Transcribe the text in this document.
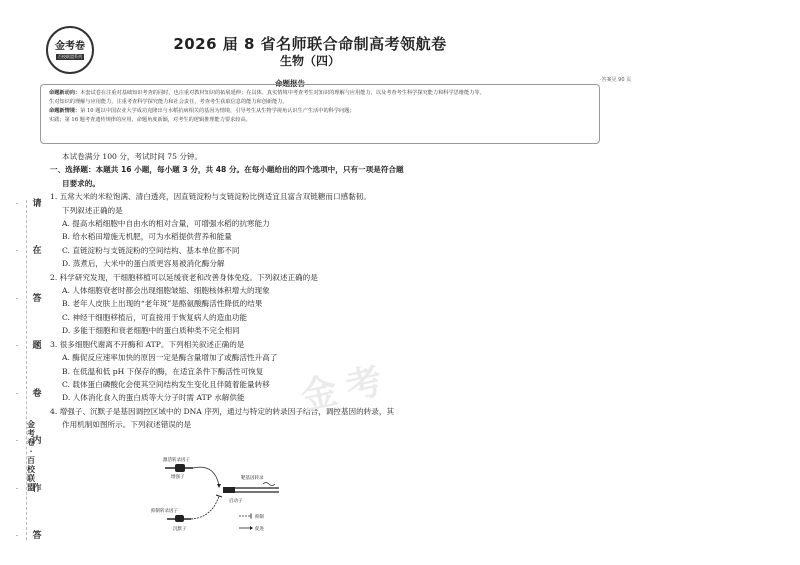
·
·
·
·
·
·
·
·
请
在
答
题
卷
内
作
答
金
考
卷
·
百
校
联
盟
金考卷
百校联盟系列
2026 届 8 省名师联合命制高考领航卷
生物（四）
命题报告	·答案见 90 页
命题新动向：本套试卷在注重对基础知识考查的同时，也注重对教材知识的拓展延伸；在具体、真实情境中考查考生对知识的理解与应用能力，以及考查考生科学探究能力和科学思维能力等。
生对知识的理解与应用能力，注重考查科学探究能力和社会责任，考查考生获取信息的能力和创新能力。
命题新情境：第 10 题以中国农业大学成功克隆出与水稻抗病相关的基因为情境，引导考生从生物学视角认识生产生活中的科学问题；
实践；第 16 题考查遗传规律的应用，命题角度新颖，对考生的逻辑推理能力要求较高。
本试卷满分 100 分，考试时间 75 分钟。
一、选择题：本题共 16 小题，每小题 3 分，共 48 分。在每小题给出的四个选项中，只有一项是符合题
目要求的。
1. 五常大米的米粒饱满、清白透亮，因直链淀粉与支链淀粉比例适宜且富含双链糖而口感黏韧。
下列叙述正确的是
A. 提高水稻细胞中自由水的相对含量，可增强水稻的抗寒能力
B. 给水稻田增施无机肥，可为水稻提供营养和能量
C. 直链淀粉与支链淀粉的空间结构、基本单位都不同
D. 蒸煮后，大米中的蛋白质更容易被消化酶分解
2. 科学研究发现，干细胞移植可以延缓衰老和改善身体免疫。下列叙述正确的是
A. 人体细胞衰老时都会出现细胞皱缩、细胞核体积增大的现象
B. 老年人皮肤上出现的“老年斑”是酪氨酸酶活性降低的结果
C. 神经干细胞移植后，可直接用于恢复病人的造血功能
D. 多能干细胞和衰老细胞中的蛋白质种类不完全相同
3. 很多细胞代谢离不开酶和 ATP。下列相关叙述正确的是
A. 酶促反应速率加快的原因一定是酶含量增加了或酶活性升高了
B. 在低温和低 pH 下保存的酶，在适宜条件下酶活性可恢复
C. 载体蛋白磷酸化会使其空间结构发生变化且伴随着能量转移
D. 人体消化食入的蛋白质等大分子时需 ATP 水解供能
4. 增强子、沉默子是基因调控区域中的 DNA 序列，通过与特定的转录因子结合，调控基因的转录，其
作用机制如图所示。下列叙述错误的是
金考
激活转录因子
增强子	靶基因转录
启动子
抑制转录因子
沉默子
抑制
促进
